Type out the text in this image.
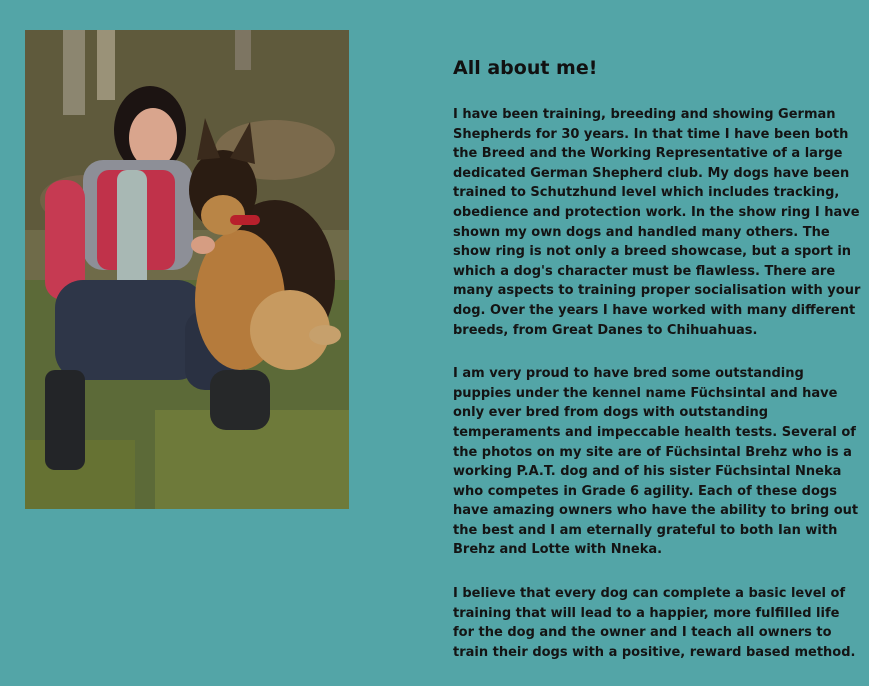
All about me!

I have been training, breeding and showing German Shepherds for 30 years. In that time I have been both the Breed and the Working Representative of a large dedicated German Shepherd club. My dogs have been trained to Schutzhund level which includes tracking, obedience and protection work. In the show ring I have shown my own dogs and handled many others. The show ring is not only a breed showcase, but a sport in which a dog's character must be flawless. There are many aspects to training proper socialisation with your dog. Over the years I have worked with many different breeds, from Great Danes to Chihuahuas.

I am very proud to have bred some outstanding puppies under the kennel name Füchsintal and have only ever bred from dogs with outstanding temperaments and impeccable health tests. Several of the photos on my site are of Füchsintal Brehz who is a working P.A.T. dog and of his sister Füchsintal Nneka who competes in Grade 6 agility. Each of these dogs have amazing owners who have the ability to bring out the best and I am eternally grateful to both Ian with Brehz and Lotte with Nneka.

I believe that every dog can complete a basic level of training that will lead to a happier, more fulfilled life for the dog and the owner and I teach all owners to train their dogs with a positive, reward based method.
